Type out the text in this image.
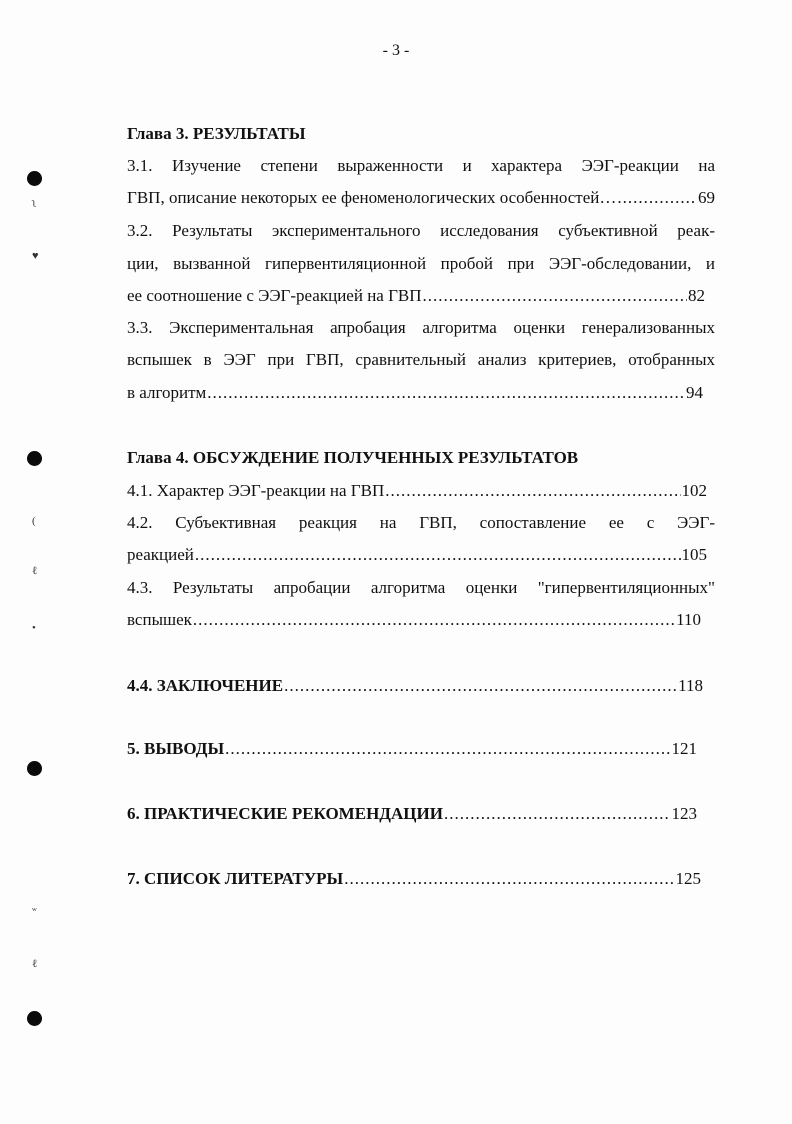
- 3 -
ʅ
♥
(
ℓ
•
ʷ
ℓ
Глава 3. РЕЗУЛЬТАТЫ
3.1. Изучение степени выраженности и характера ЭЭГ-реакции на
ГВП, описание некоторых ее феноменологических особенностей… .....	69
3.2. Результаты экспериментального исследования субъективной реак-
ции, вызванной гипервентиляционной пробой при ЭЭГ-обследовании, и
ее соотношение с ЭЭГ-реакцией на ГВП .....	82
3.3. Экспериментальная апробация алгоритма оценки генерализованных
вспышек в ЭЭГ при ГВП, сравнительный анализ критериев, отобранных
в алгоритм .....	94
Глава 4. ОБСУЖДЕНИЕ ПОЛУЧЕННЫХ РЕЗУЛЬТАТОВ
4.1. Характер ЭЭГ-реакции на ГВП .....	102
4.2. Субъективная реакция на ГВП, сопоставление ее с ЭЭГ-
реакцией .....	105
4.3. Результаты апробации алгоритма оценки "гипервентиляционных"
вспышек .....	110
4.4. ЗАКЛЮЧЕНИЕ .....	118
5. ВЫВОДЫ .....	121
6. ПРАКТИЧЕСКИЕ РЕКОМЕНДАЦИИ .....	123
7. СПИСОК ЛИТЕРАТУРЫ .....	125
